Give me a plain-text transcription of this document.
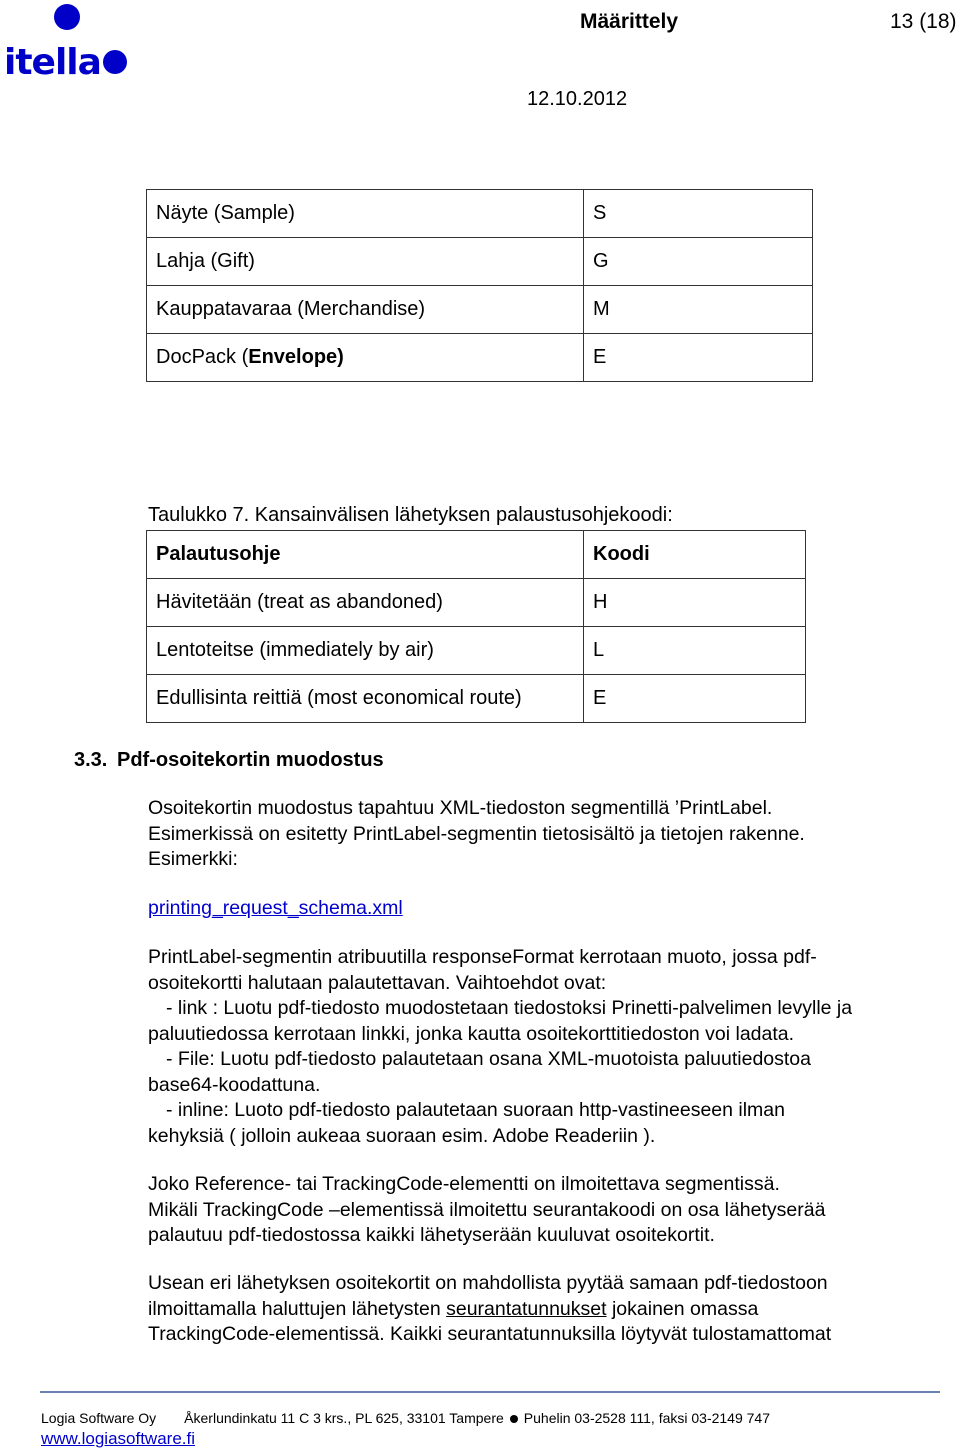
itella
Määrittely	13 (18)
12.10.2012
Näyte (Sample)	S
Lahja (Gift)	G
Kauppatavaraa (Merchandise)	M
DocPack (Envelope)	E
Taulukko 7. Kansainvälisen lähetyksen palaustusohjekoodi:
Palautusohje	Koodi
Hävitetään (treat as abandoned)	H
Lentoteitse (immediately by air)	L
Edullisinta reittiä (most economical route)	E
3.3. Pdf-osoitekortin muodostus

Osoitekortin muodostus tapahtuu XML-tiedoston segmentillä ’PrintLabel.

Esimerkissä on esitetty PrintLabel-segmentin tietosisältö ja tietojen rakenne.

Esimerkki:

printing_request_schema.xml

PrintLabel-segmentin atribuutilla responseFormat kerrotaan muoto, jossa pdf-

osoitekortti halutaan palautettavan. Vaihtoehdot ovat:

- link : Luotu pdf-tiedosto muodostetaan tiedostoksi Prinetti-palvelimen levylle ja

paluutiedossa kerrotaan linkki, jonka kautta osoitekorttitiedoston voi ladata.

- File: Luotu pdf-tiedosto palautetaan osana XML-muotoista paluutiedostoa

base64-koodattuna.

- inline: Luoto pdf-tiedosto palautetaan suoraan http-vastineeseen ilman

kehyksiä ( jolloin aukeaa suoraan esim. Adobe Readeriin ).

Joko Reference- tai TrackingCode-elementti on ilmoitettava segmentissä.

Mikäli TrackingCode –elementissä ilmoitettu seurantakoodi on osa lähetyserää

palautuu pdf-tiedostossa kaikki lähetyserään kuuluvat osoitekortit.

Usean eri lähetyksen osoitekortit on mahdollista pyytää samaan pdf-tiedostoon

ilmoittamalla haluttujen lähetysten seurantatunnukset jokainen omassa

TrackingCode-elementissä. Kaikki seurantatunnuksilla löytyvät tulostamattomat

Logia Software Oy Åkerlundinkatu 11 C 3 krs., PL 625, 33101 Tampere Puhelin 03-2528 111, faksi 03-2149 747
www.logiasoftware.fi
